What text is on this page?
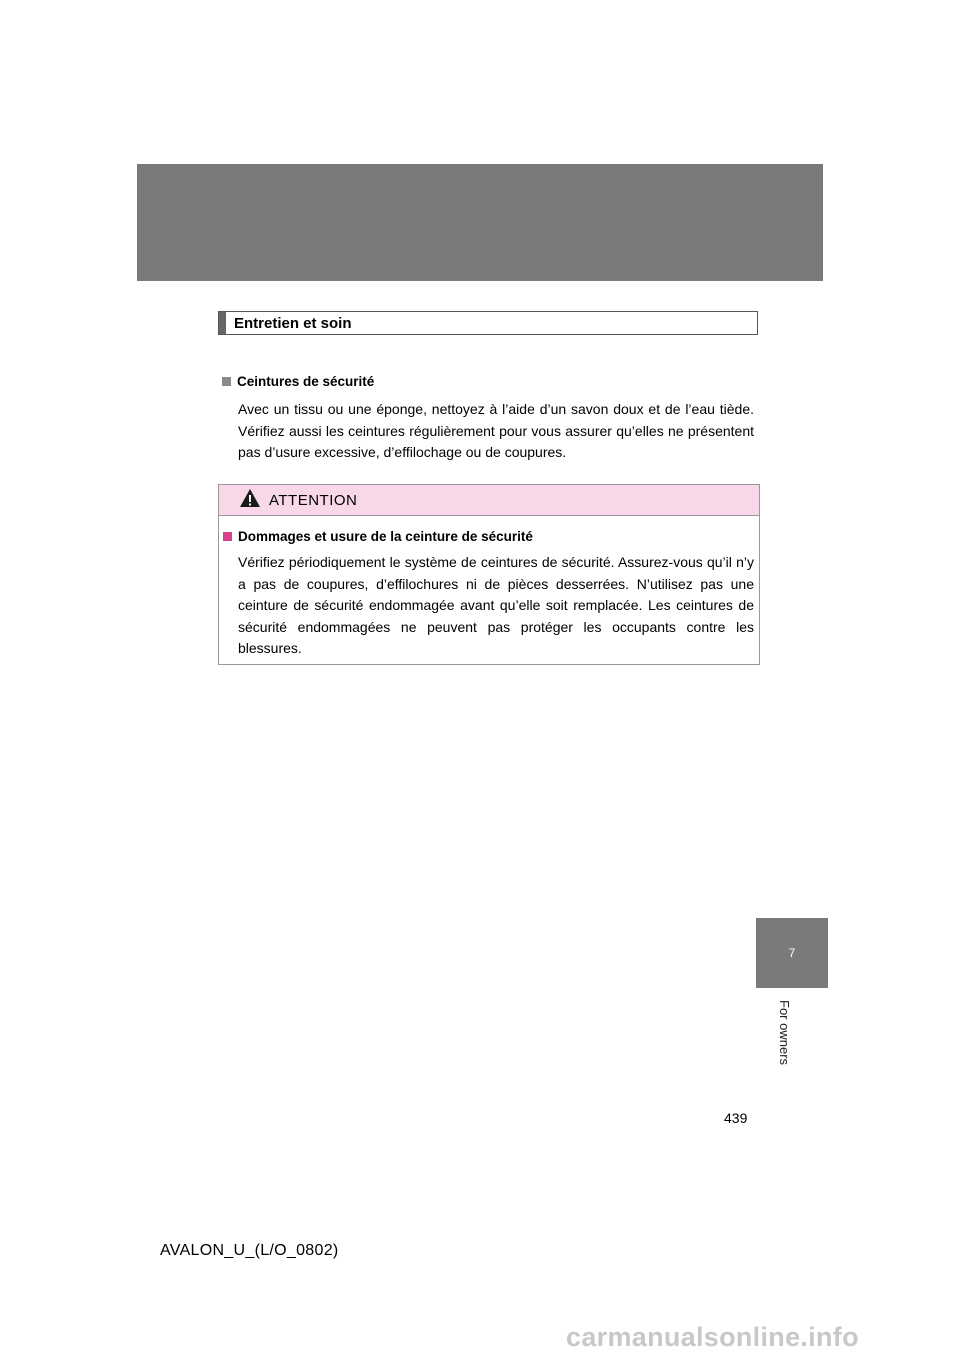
Entretien et soin
Ceintures de sécurité
Avec un tissu ou une éponge, nettoyez à l’aide d’un savon doux et de l’eau tiède. Vérifiez aussi les ceintures régulièrement pour vous assurer qu’elles ne présentent pas d’usure excessive, d’effilochage ou de coupures.
ATTENTION
Dommages et usure de la ceinture de sécurité
Vérifiez périodiquement le système de ceintures de sécurité. Assurez-vous qu’il n’y a pas de coupures, d’effilochures ni de pièces desserrées. N’utilisez pas une ceinture de sécurité endommagée avant qu’elle soit remplacée. Les ceintures de sécurité endommagées ne peuvent pas protéger les occupants contre les blessures.
7
For owners
439
AVALON_U_(L/O_0802)
carmanualsonline.info
